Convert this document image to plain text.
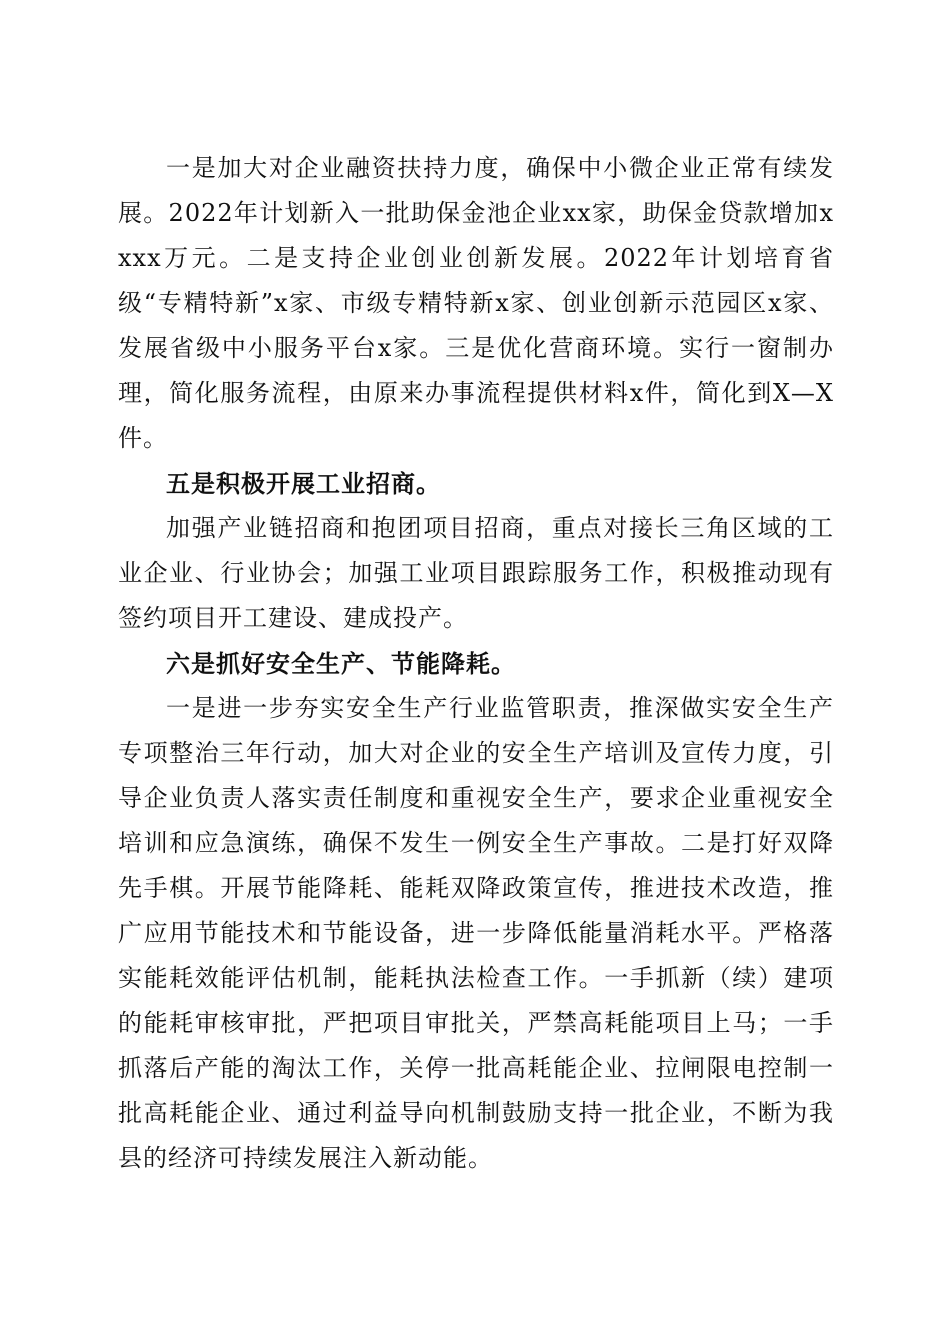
一是加大对企业融资扶持力度，确保中小微企业正常有续发展。2022年计划新入一批助保金池企业xx家，助保金贷款增加xxxx万元。二是支持企业创业创新发展。2022年计划培育省级“专精特新”x家、市级专精特新x家、创业创新示范园区x家、发展省级中小服务平台x家。三是优化营商环境。实行一窗制办理，简化服务流程，由原来办事流程提供材料x件，简化到X—X件。

五是积极开展工业招商。

加强产业链招商和抱团项目招商，重点对接长三角区域的工业企业、行业协会；加强工业项目跟踪服务工作，积极推动现有签约项目开工建设、建成投产。

六是抓好安全生产、节能降耗。

一是进一步夯实安全生产行业监管职责，推深做实安全生产专项整治三年行动，加大对企业的安全生产培训及宣传力度，引导企业负责人落实责任制度和重视安全生产，要求企业重视安全培训和应急演练，确保不发生一例安全生产事故。二是打好双降先手棋。开展节能降耗、能耗双降政策宣传，推进技术改造，推广应用节能技术和节能设备，进一步降低能量消耗水平。严格落实能耗效能评估机制，能耗执法检查工作。一手抓新（续）建项的能耗审核审批，严把项目审批关，严禁高耗能项目上马；一手抓落后产能的淘汰工作，关停一批高耗能企业、拉闸限电控制一批高耗能企业、通过利益导向机制鼓励支持一批企业，不断为我县的经济可持续发展注入新动能。
